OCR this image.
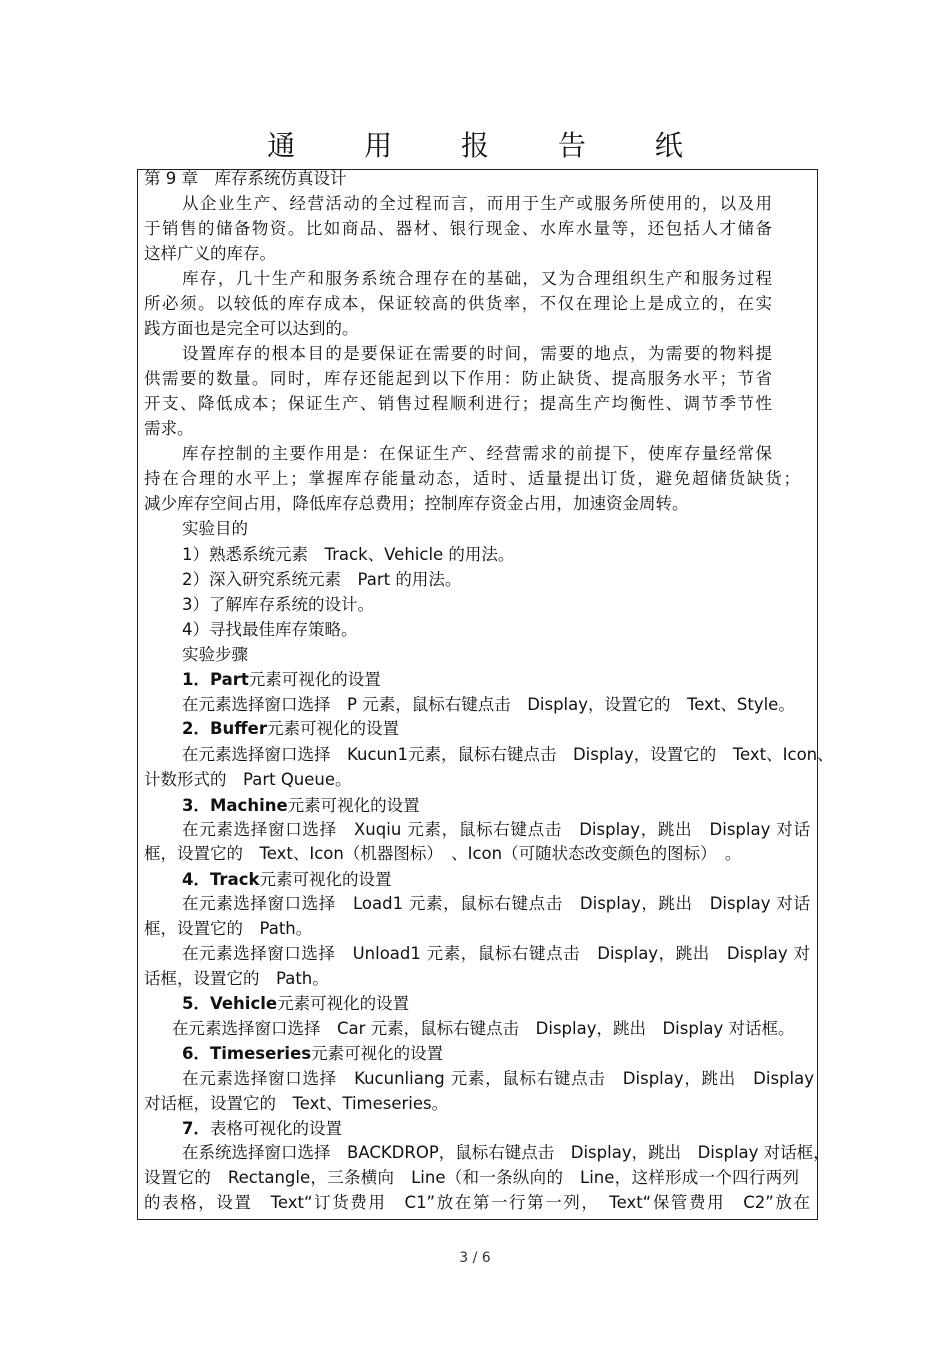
通 用 报 告 纸
第 9 章　库存系统仿真设计
从企业生产、经营活动的全过程而言，而用于生产或服务所使用的，以及用
于销售的储备物资。比如商品、器材、银行现金、水库水量等，还包括人才储备
这样广义的库存。
库存，几十生产和服务系统合理存在的基础，又为合理组织生产和服务过程
所必须。以较低的库存成本，保证较高的供货率，不仅在理论上是成立的，在实
践方面也是完全可以达到的。
设置库存的根本目的是要保证在需要的时间，需要的地点，为需要的物料提
供需要的数量。同时，库存还能起到以下作用：防止缺货、提高服务水平；节省
开支、降低成本；保证生产、销售过程顺利进行；提高生产均衡性、调节季节性
需求。
库存控制的主要作用是：在保证生产、经营需求的前提下，使库存量经常保
持在合理的水平上；掌握库存能量动态，适时、适量提出订货，避免超储货缺货；
减少库存空间占用，降低库存总费用；控制库存资金占用，加速资金周转。
实验目的
1）熟悉系统元素　Track、Vehicle 的用法。
2）深入研究系统元素　Part 的用法。
3）了解库存系统的设计。
4）寻找最佳库存策略。
实验步骤
1．Part元素可视化的设置
在元素选择窗口选择　P 元素，鼠标右键点击　Display，设置它的　Text、Style。
2．Buffer元素可视化的设置
在元素选择窗口选择　Kucun1元素，鼠标右键点击　Display，设置它的　Text、Icon、
计数形式的　Part Queue。
3．Machine元素可视化的设置
在元素选择窗口选择　Xuqiu 元素，鼠标右键点击　Display，跳出　Display 对话
框，设置它的　Text、Icon（机器图标）　、Icon（可随状态改变颜色的图标）　。
4．Track元素可视化的设置
在元素选择窗口选择　Load1 元素，鼠标右键点击　Display，跳出　Display 对话
框，设置它的　Path。
在元素选择窗口选择　Unload1 元素，鼠标右键点击　Display，跳出　Display 对
话框，设置它的　Path。
5．Vehicle元素可视化的设置
在元素选择窗口选择　Car 元素，鼠标右键点击　Display，跳出　Display 对话框。
6．Timeseries元素可视化的设置
在元素选择窗口选择　Kucunliang 元素，鼠标右键点击　Display，跳出　Display
对话框，设置它的　Text、Timeseries。
7．表格可视化的设置
在系统选择窗口选择　BACKDROP，鼠标右键点击　Display，跳出　Display 对话框，
设置它的　Rectangle，三条横向　Line（和一条纵向的　Line，这样形成一个四行两列
的表格，设置　Text“订货费用　C1”放在第一行第一列，　Text“保管费用　C2”放在
3 / 6
